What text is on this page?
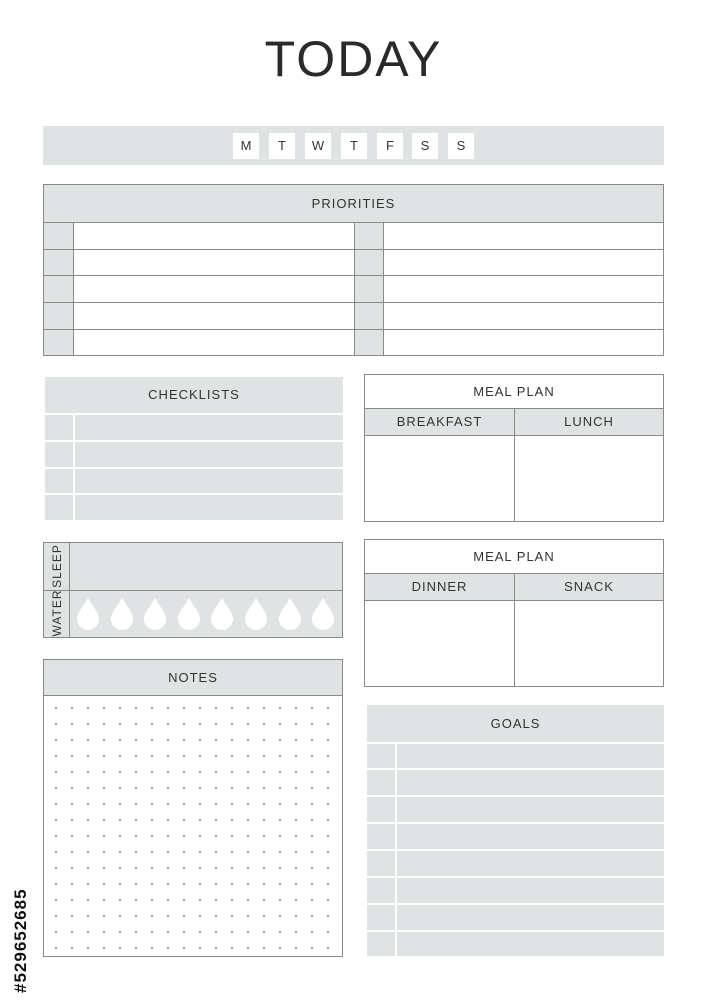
TODAY
M	T	W	T	F	S	S
PRIORITIES
CHECKLISTS	MEAL PLAN
BREAKFAST	LUNCH
SLEEP
WATER
MEAL PLAN
DINNER	SNACK
NOTES
GOALS
#529652685
